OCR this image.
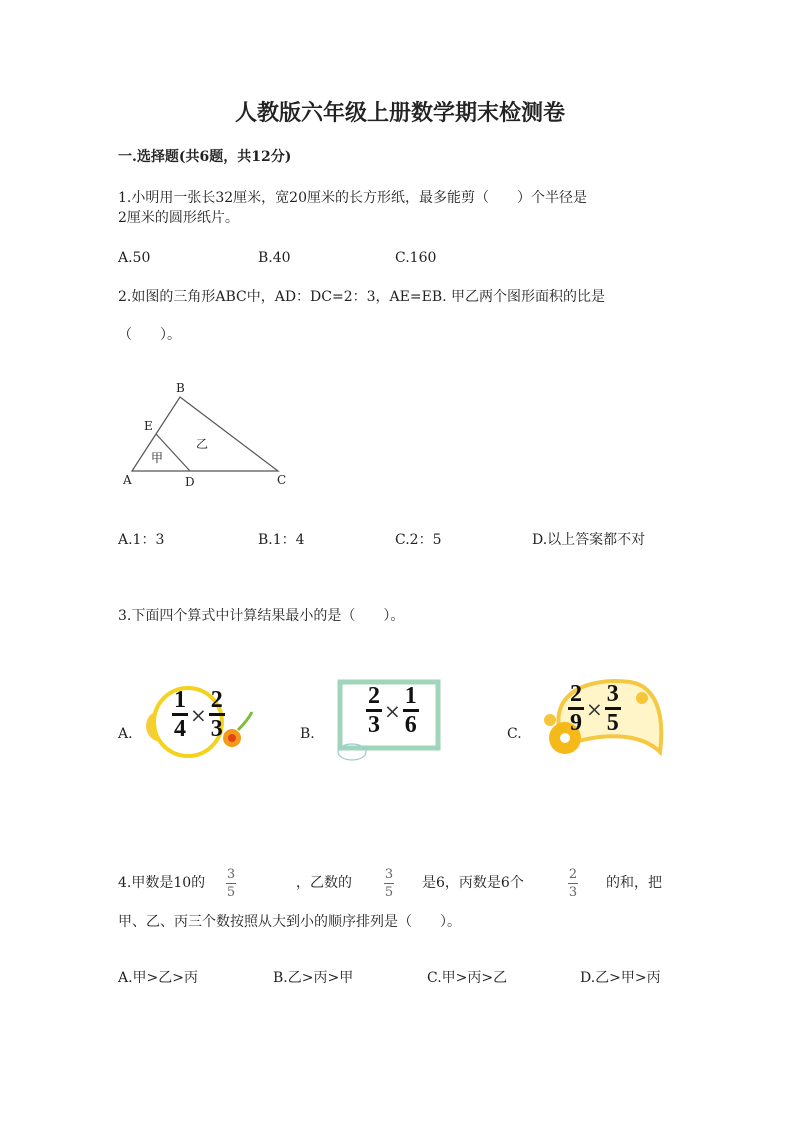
人教版六年级上册数学期末检测卷
一.选择题(共6题，共12分)
1.小明用一张长32厘米，宽20厘米的长方形纸，最多能剪（　　）个半径是
2厘米的圆形纸片。
A.50	B.40	C.160
2.如图的三角形ABC中，AD：DC=2：3，AE=EB. 甲乙两个图形面积的比是
（　　）。
B
E
甲
乙
A	D	C
A.1：3	B.1：4	C.2：5	D.以上答案都不对
3.下面四个算式中计算结果最小的是（　　）。
A.
1
4
×
2
3	B.
2
3
×
1
6	C.
2
9
×
3
5
4.甲数是10的
3
5
，乙数的
3
5
是6，丙数是6个
2
3
的和，把
甲、乙、丙三个数按照从大到小的顺序排列是（　　）。
A.甲>乙>丙	B.乙>丙>甲	C.甲>丙>乙	D.乙>甲>丙
